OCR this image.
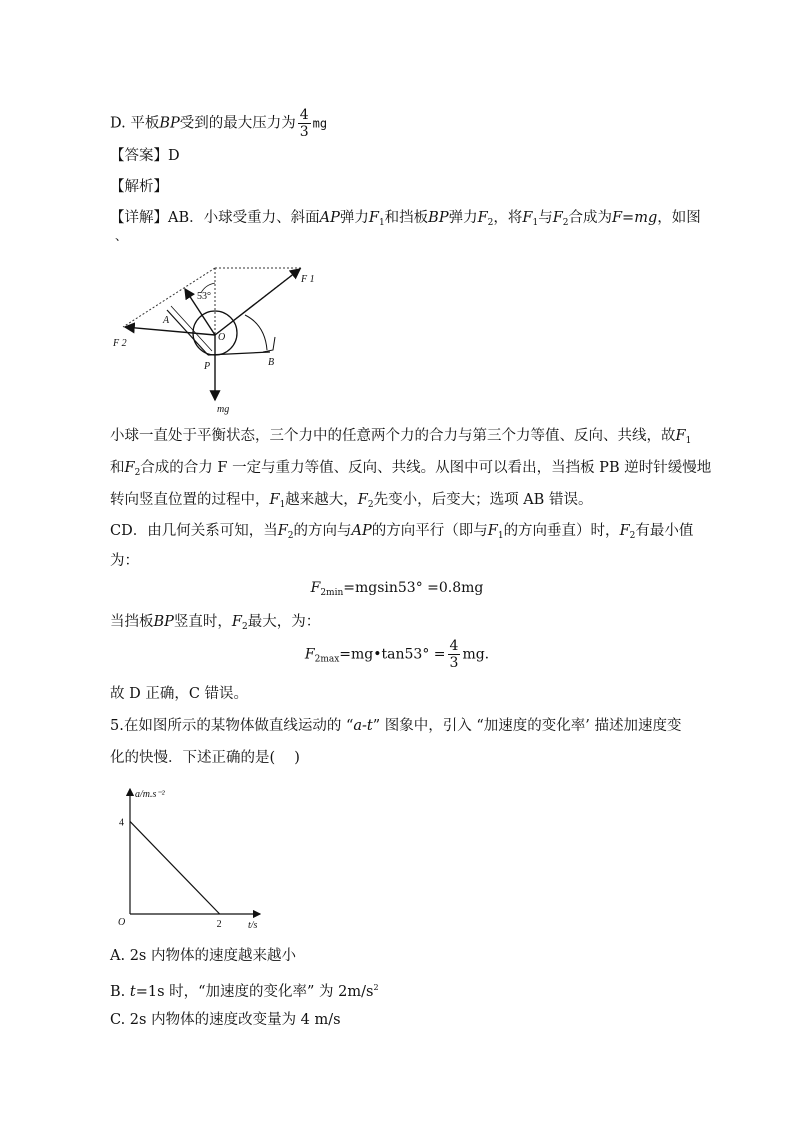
D. 平板BP受到的最大压力为 $\frac{4}{3}$ mg
【答案】D
【解析】
【详解】AB．小球受重力、斜面AP弹力$F_1$和挡板BP弹力$F_2$，将$F_1$与$F_2$合成为F=mg，如图
、
F 1
F 2
53°
A
O
P	B
mg
小球一直处于平衡状态，三个力中的任意两个力的合力与第三个力等值、反向、共线，故$F_1$
和$F_2$合成的合力 F 一定与重力等值、反向、共线。从图中可以看出，当挡板 PB 逆时针缓慢地
转向竖直位置的过程中，$F_1$越来越大，$F_2$先变小，后变大；选项 AB 错误。
CD．由几何关系可知，当$F_2$的方向与AP的方向平行（即与$F_1$的方向垂直）时，$F_2$有最小值
为：
$F_{2min}=mgsin53^\circ =0.8mg$
当挡板BP竖直时，$F_2$最大，为：
$F_{2max}=mg•\tan 53^\circ = \frac{4}{3}$ mg.
故 D 正确，C 错误。
5.在如图所示的某物体做直线运动的 “a-t” 图象中，引入 “加速度的变化率’ 描述加速度变
化的快慢．下述正确的是(　 )
a/m.s⁻²
t/s
O
4
2
A. 2s 内物体的速度越来越小
B. t=1s 时，“加速度的变化率” 为 $2m/s^2$
C. 2s 内物体的速度改变量为 4 m/s
